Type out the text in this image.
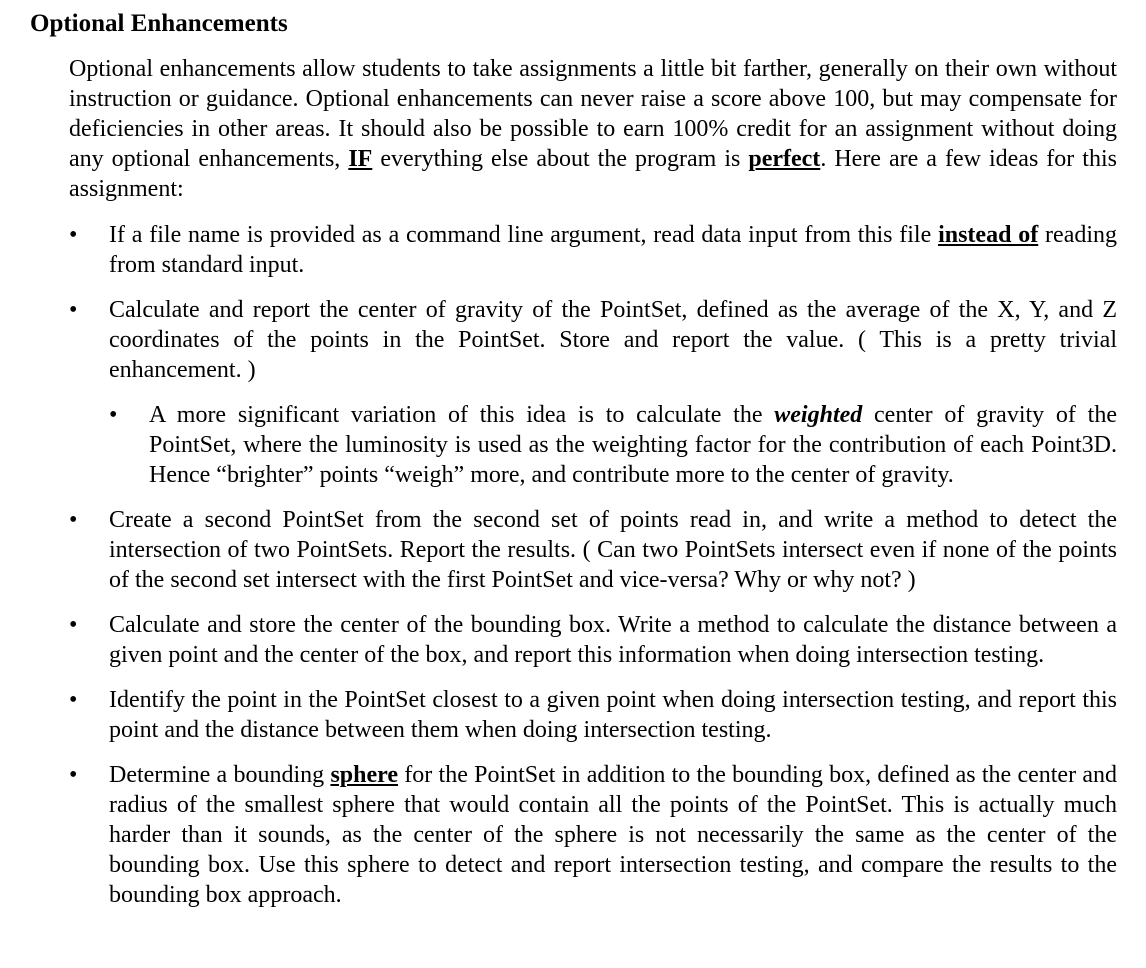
Optional Enhancements

Optional enhancements allow students to take assignments a little bit farther, generally on their own without instruction or guidance. Optional enhancements can never raise a score above 100, but may compensate for deficiencies in other areas. It should also be possible to earn 100% credit for an assignment without doing any optional enhancements, IF everything else about the program is perfect. Here are a few ideas for this assignment:

• If a file name is provided as a command line argument, read data input from this file instead of reading from standard input.

• Calculate and report the center of gravity of the PointSet, defined as the average of the X, Y, and Z coordinates of the points in the PointSet. Store and report the value. ( This is a pretty trivial enhancement. )

• A more significant variation of this idea is to calculate the weighted center of gravity of the PointSet, where the luminosity is used as the weighting factor for the contribution of each Point3D. Hence “brighter” points “weigh” more, and contribute more to the center of gravity.

• Create a second PointSet from the second set of points read in, and write a method to detect the intersection of two PointSets. Report the results. ( Can two PointSets intersect even if none of the points of the second set intersect with the first PointSet and vice-versa? Why or why not? )

• Calculate and store the center of the bounding box. Write a method to calculate the distance between a given point and the center of the box, and report this information when doing intersection testing.

• Identify the point in the PointSet closest to a given point when doing intersection testing, and report this point and the distance between them when doing intersection testing.

• Determine a bounding sphere for the PointSet in addition to the bounding box, defined as the center and radius of the smallest sphere that would contain all the points of the PointSet. This is actually much harder than it sounds, as the center of the sphere is not necessarily the same as the center of the bounding box. Use this sphere to detect and report intersection testing, and compare the results to the bounding box approach.
